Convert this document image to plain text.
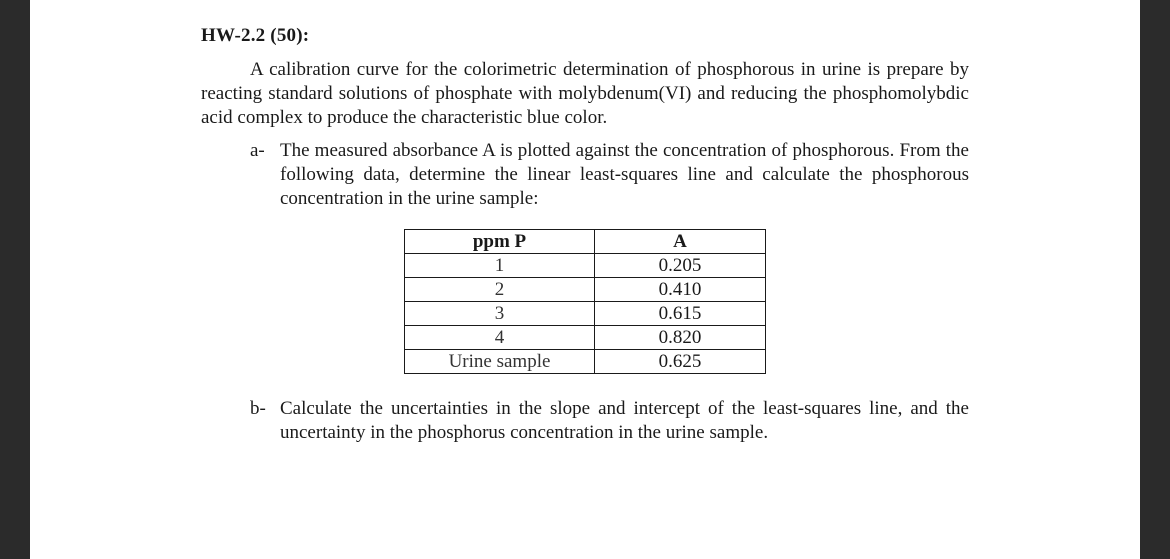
HW-2.2 (50):
A calibration curve for the colorimetric determination of phosphorous in urine is prepare by reacting standard solutions of phosphate with molybdenum(VI) and reducing the phosphomolybdic acid complex to produce the characteristic blue color.
a- The measured absorbance A is plotted against the concentration of phosphorous. From the following data, determine the linear least-squares line and calculate the phosphorous concentration in the urine sample:
ppm P	A
1	0.205
2	0.410
3	0.615
4	0.820
Urine sample	0.625
b- Calculate the uncertainties in the slope and intercept of the least-squares line, and the uncertainty in the phosphorus concentration in the urine sample.
